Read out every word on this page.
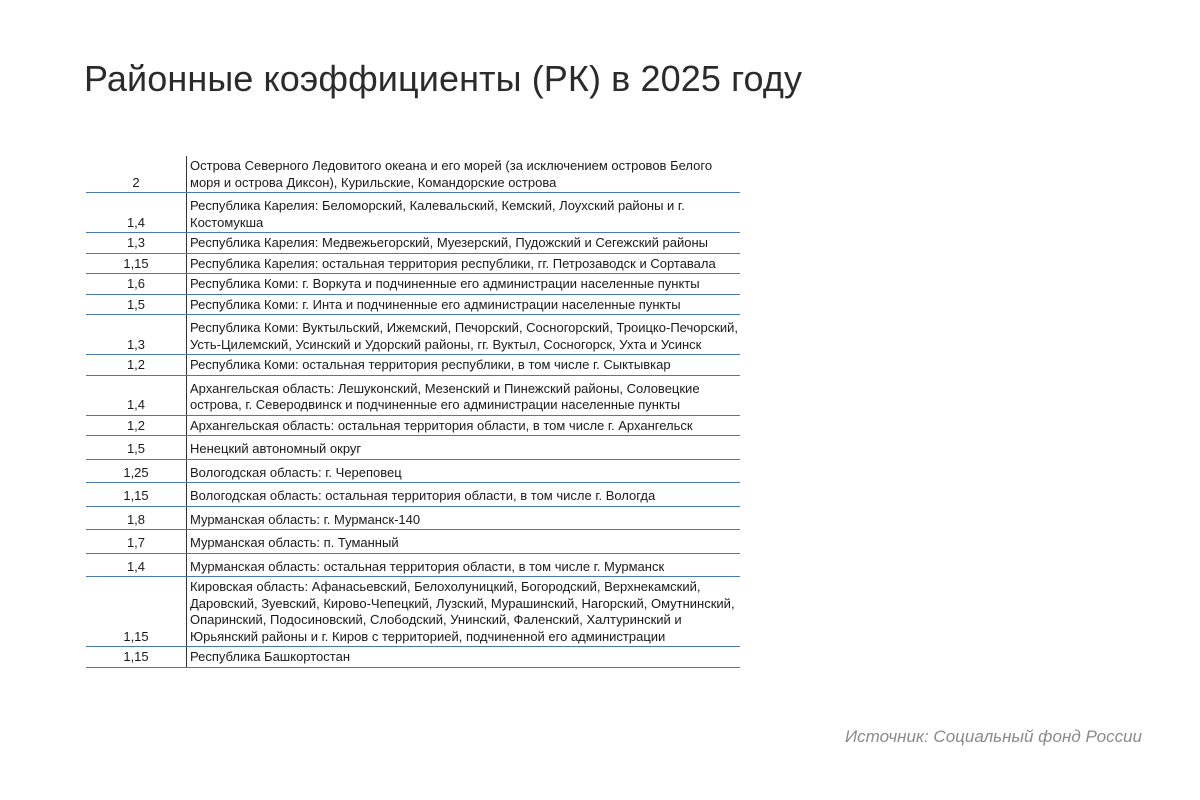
Районные коэффициенты (РК) в 2025 году
2	Острова Северного Ледовитого океана и его морей (за исключением островов Белого моря и острова Диксон), Курильские, Командорские острова
1,4	Республика Карелия: Беломорский, Калевальский, Кемский, Лоухский районы и г. Костомукша
1,3	Республика Карелия: Медвежьегорский, Муезерский, Пудожский и Сегежский районы
1,15	Республика Карелия: остальная территория республики, гг. Петрозаводск и Сортавала
1,6	Республика Коми: г. Воркута и подчиненные его администрации населенные пункты
1,5	Республика Коми: г. Инта и подчиненные его администрации населенные пункты
1,3	Республика Коми: Вуктыльский, Ижемский, Печорский, Сосногорский, Троицко-Печорский, Усть-Цилемский, Усинский и Удорский районы, гг. Вуктыл, Сосногорск, Ухта и Усинск
1,2	Республика Коми: остальная территория республики, в том числе г. Сыктывкар
1,4	Архангельская область: Лешуконский, Мезенский и Пинежский районы, Соловецкие острова, г. Северодвинск и подчиненные его администрации населенные пункты
1,2	Архангельская область: остальная территория области, в том числе г. Архангельск
1,5	Ненецкий автономный округ
1,25	Вологодская область: г. Череповец
1,15	Вологодская область: остальная территория области, в том числе г. Вологда
1,8	Мурманская область: г. Мурманск-140
1,7	Мурманская область: п. Туманный
1,4	Мурманская область: остальная территория области, в том числе г. Мурманск
1,15	Кировская область: Афанасьевский, Белохолуницкий, Богородский, Верхнекамский, Даровский, Зуевский, Кирово-Чепецкий, Лузский, Мурашинский, Нагорский, Омутнинский, Опаринский, Подосиновский, Слободский, Унинский, Фаленский, Халтуринский и Юрьянский районы и г. Киров с территорией, подчиненной его администрации
1,15	Республика Башкортостан
Источник: Социальный фонд России
